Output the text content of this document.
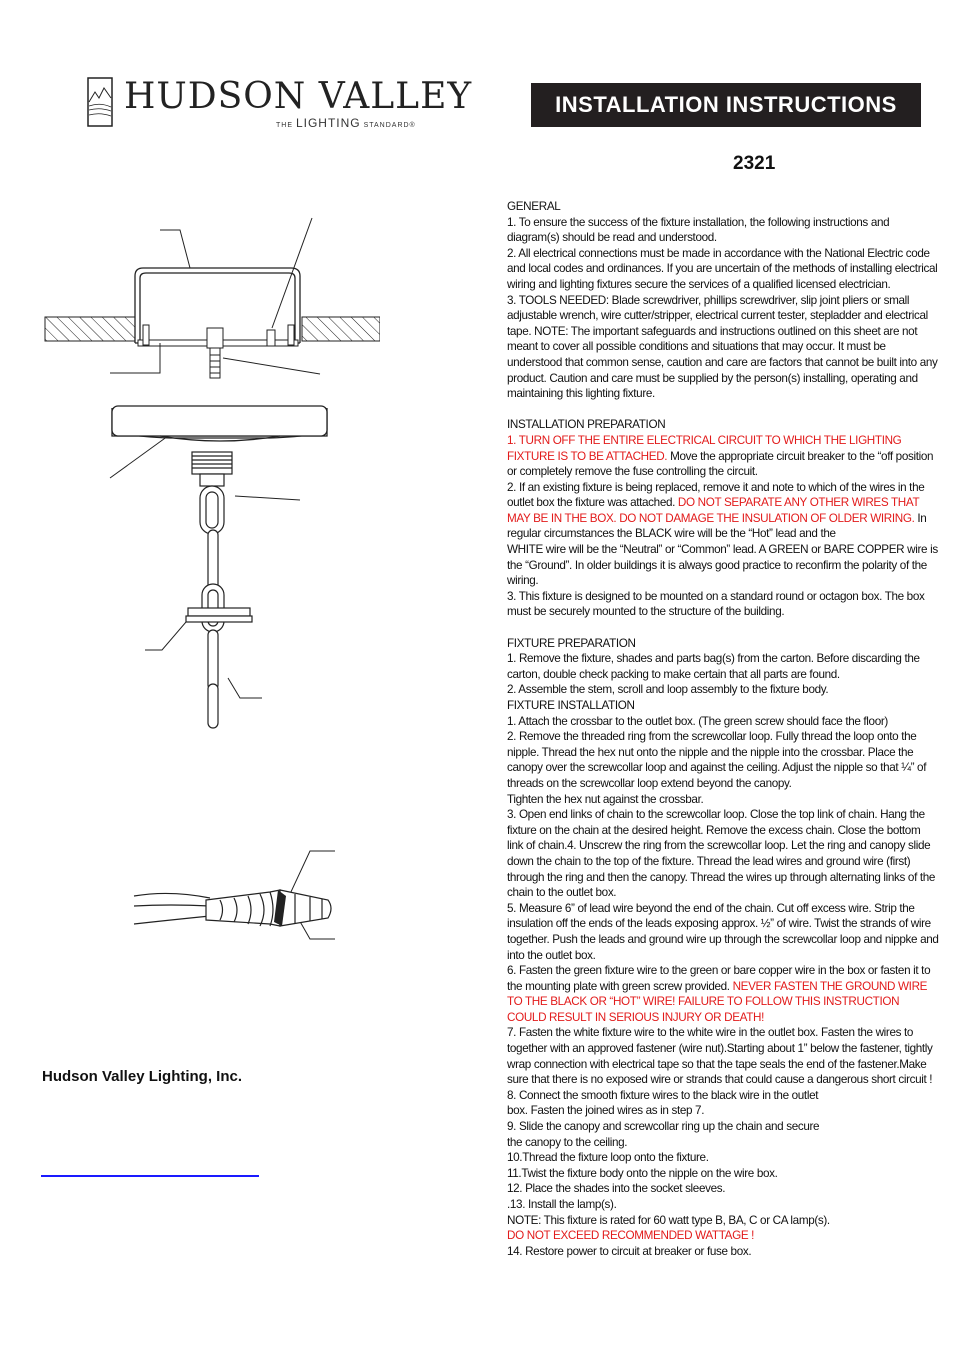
HUDSON VALLEY
THE LIGHTING STANDARD®
INSTALLATION INSTRUCTIONS
2321
Hudson Valley Lighting, Inc.

GENERAL

1. To ensure the success of the fixture installation, the following instructions and diagram(s) should be read and understood.

2. All electrical connections must be made in accordance with the National Electric code and local codes and ordinances. If you are uncertain of the methods of installing electrical wiring and lighting fixtures secure the services of a qualified licensed electrician.

3. TOOLS NEEDED: Blade screwdriver, phillips screwdriver, slip joint pliers or small adjustable wrench, wire cutter/stripper, electrical current tester, stepladder and electrical tape. NOTE: The important safeguards and instructions outlined on this sheet are not meant to cover all possible conditions and situations that may occur. It must be understood that common sense, caution and care are factors that cannot be built into any product. Caution and care must be supplied by the person(s) installing, operating and maintaining this lighting fixture.

INSTALLATION PREPARATION

1. TURN OFF THE ENTIRE ELECTRICAL CIRCUIT TO WHICH THE LIGHTING FIXTURE IS TO BE ATTACHED. Move the appropriate circuit breaker to the “off position or completely remove the fuse controlling the circuit.

2. If an existing fixture is being replaced, remove it and note to which of the wires in the outlet box the fixture was attached. DO NOT SEPARATE ANY OTHER WIRES THAT MAY BE IN THE BOX. DO NOT DAMAGE THE INSULATION OF OLDER WIRING. In regular circumstances the BLACK wire will be the “Hot” lead and the

WHITE wire will be the “Neutral” or “Common” lead. A GREEN or BARE COPPER wire is the “Ground”. In older buildings it is always good practice to reconfirm the polarity of the wiring.

3. This fixture is designed to be mounted on a standard round or octagon box. The box must be securely mounted to the structure of the building.

FIXTURE PREPARATION

1. Remove the fixture, shades and parts bag(s) from the carton. Before discarding the carton, double check packing to make certain that all parts are found.

2. Assemble the stem, scroll and loop assembly to the fixture body.

FIXTURE INSTALLATION

1. Attach the crossbar to the outlet box. (The green screw should face the floor)

2. Remove the threaded ring from the screwcollar loop. Fully thread the loop onto the nipple. Thread the hex nut onto the nipple and the nipple into the crossbar. Place the canopy over the screwcollar loop and against the ceiling. Adjust the nipple so that ¼” of threads on the screwcollar loop extend beyond the canopy.

Tighten the hex nut against the crossbar.

3. Open end links of chain to the screwcollar loop. Close the top link of chain. Hang the fixture on the chain at the desired height. Remove the excess chain. Close the bottom link of chain.4. Unscrew the ring from the screwcollar loop. Let the ring and canopy slide down the chain to the top of the fixture. Thread the lead wires and ground wire (first) through the ring and then the canopy. Thread the wires up through alternating links of the chain to the outlet box.

5. Measure 6” of lead wire beyond the end of the chain. Cut off excess wire. Strip the insulation off the ends of the leads exposing approx. ½” of wire. Twist the strands of wire together. Push the leads and ground wire up through the screwcollar loop and nippke and into the outlet box.

6. Fasten the green fixture wire to the green or bare copper wire in the box or fasten it to the mounting plate with green screw provided. NEVER FASTEN THE GROUND WIRE TO THE BLACK OR “HOT” WIRE! FAILURE TO FOLLOW THIS INSTRUCTION COULD RESULT IN SERIOUS INJURY OR DEATH!

7. Fasten the white fixture wire to the white wire in the outlet box. Fasten the wires to together with an approved fastener (wire nut).Starting about 1” below the fastener, tightly wrap connection with electrical tape so that the tape seals the end of the fastener.Make sure that there is no exposed wire or strands that could cause a dangerous short circuit !

8. Connect the smooth fixture wires to the black wire in the outlet

box. Fasten the joined wires as in step 7.

9. Slide the canopy and screwcollar ring up the chain and secure

the canopy to the ceiling.

10.Thread the fixture loop onto the fixture.

11.Twist the fixture body onto the nipple on the wire box.

12. Place the shades into the socket sleeves.

.13. Install the lamp(s).

NOTE: This fixture is rated for 60 watt type B, BA, C or CA lamp(s).

DO NOT EXCEED RECOMMENDED WATTAGE !

14. Restore power to circuit at breaker or fuse box.
